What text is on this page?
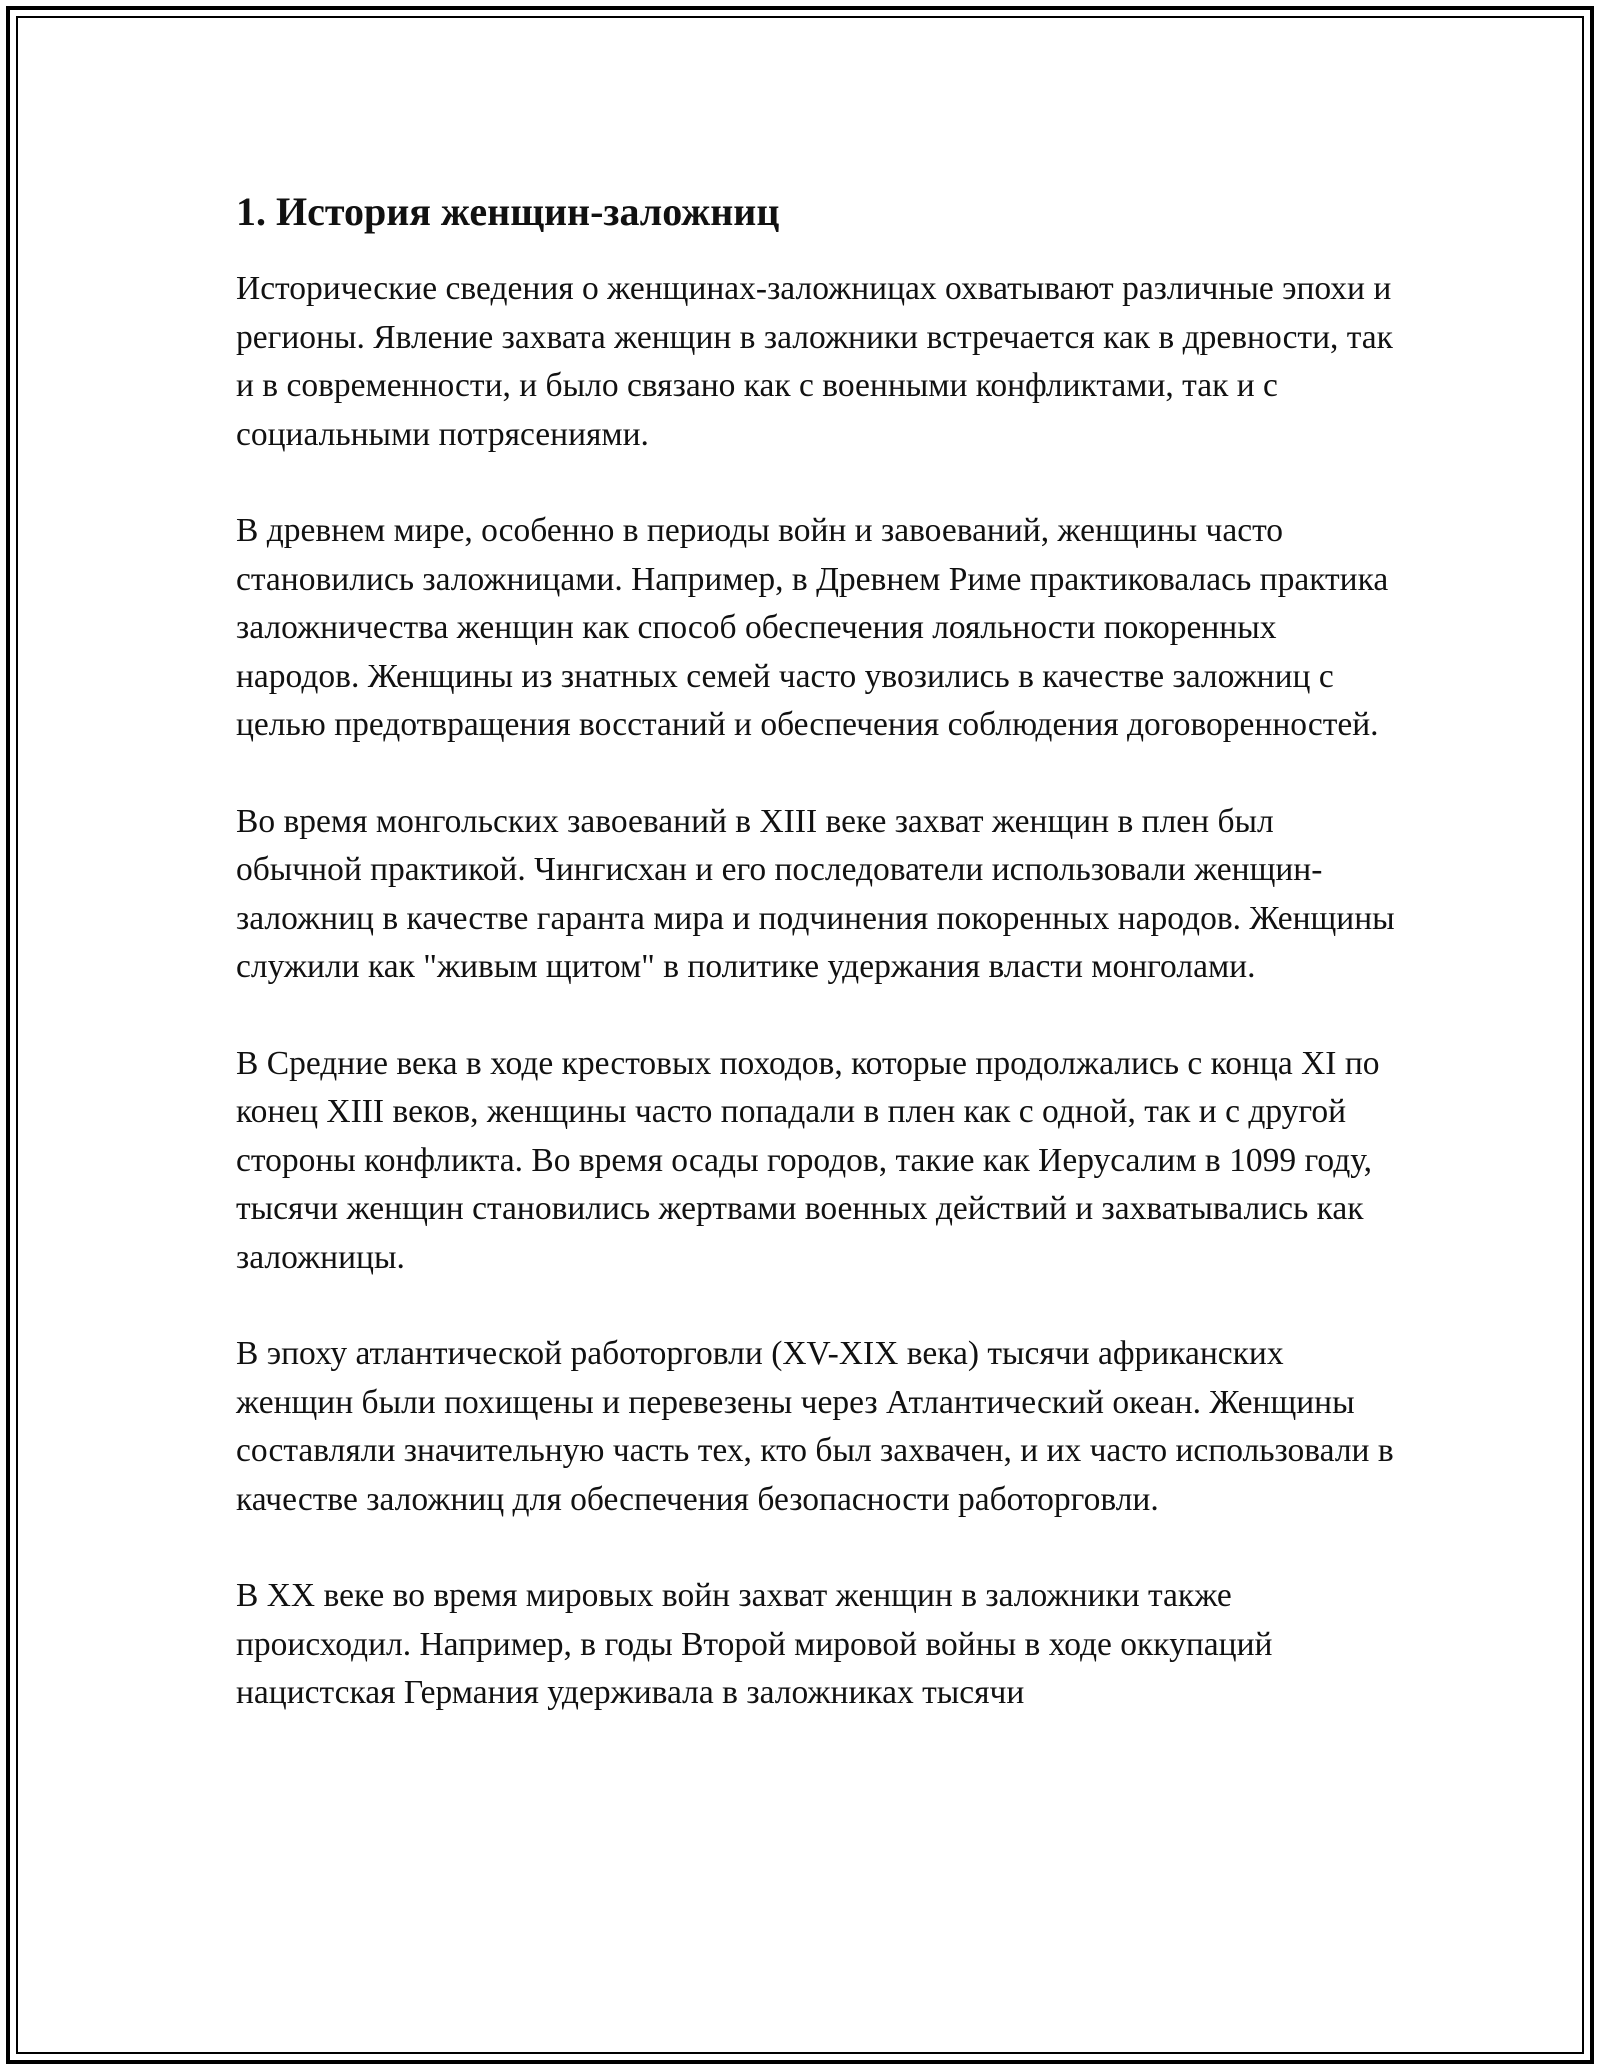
1. История женщин-заложниц

Исторические сведения о женщинах-заложницах охватывают различные эпохи и регионы. Явление захвата женщин в заложники встречается как в древности, так и в современности, и было связано как с военными конфликтами, так и с социальными потрясениями.

В древнем мире, особенно в периоды войн и завоеваний, женщины часто становились заложницами. Например, в Древнем Риме практиковалась практика заложничества женщин как способ обеспечения лояльности покоренных народов. Женщины из знатных семей часто увозились в качестве заложниц с целью предотвращения восстаний и обеспечения соблюдения договоренностей.

Во время монгольских завоеваний в XIII веке захват женщин в плен был обычной практикой. Чингисхан и его последователи использовали женщин-заложниц в качестве гаранта мира и подчинения покоренных народов. Женщины служили как "живым щитом" в политике удержания власти монголами.

В Средние века в ходе крестовых походов, которые продолжались с конца XI по конец XIII веков, женщины часто попадали в плен как с одной, так и с другой стороны конфликта. Во время осады городов, такие как Иерусалим в 1099 году, тысячи женщин становились жертвами военных действий и захватывались как заложницы.

В эпоху атлантической работорговли (XV-XIX века) тысячи африканских женщин были похищены и перевезены через Атлантический океан. Женщины составляли значительную часть тех, кто был захвачен, и их часто использовали в качестве заложниц для обеспечения безопасности работорговли.

В XX веке во время мировых войн захват женщин в заложники также происходил. Например, в годы Второй мировой войны в ходе оккупаций нацистская Германия удерживала в заложниках тысячи
